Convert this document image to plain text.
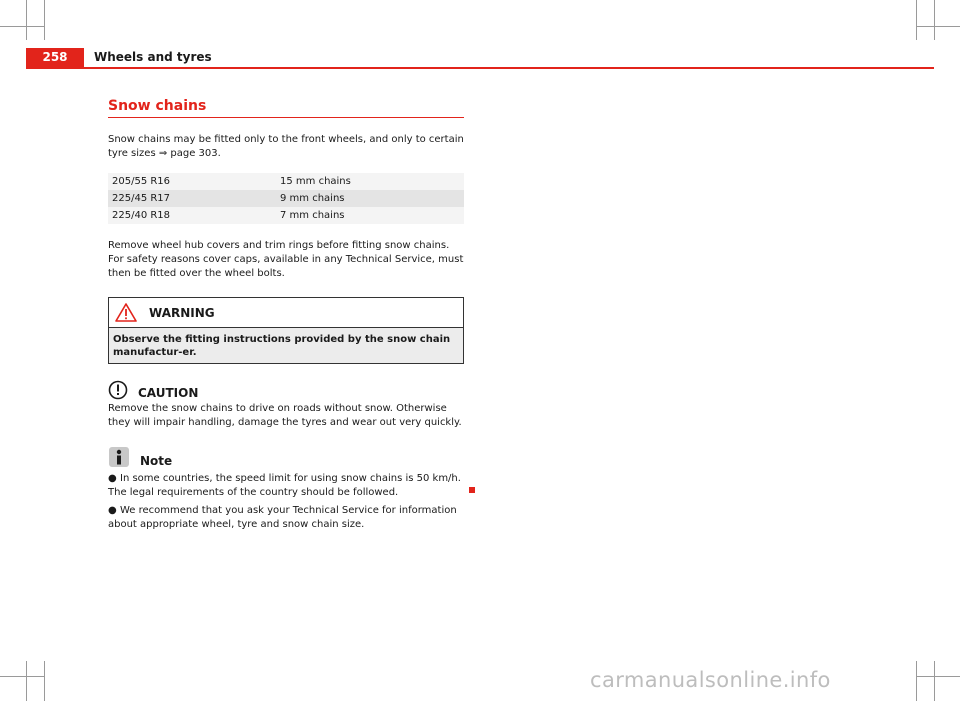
258	Wheels and tyres
Snow chains

Snow chains may be fitted only to the front wheels, and only to certain tyre sizes ⇒ page 303.

205/55 R16	15 mm chains
225/45 R17	9 mm chains
225/40 R18	7 mm chains

Remove wheel hub covers and trim rings before fitting snow chains. For safety reasons cover caps, available in any Technical Service, must then be fitted over the wheel bolts.

WARNING
Observe the fitting instructions provided by the snow chain manufactur-er.
CAUTION

Remove the snow chains to drive on roads without snow. Otherwise they will impair handling, damage the tyres and wear out very quickly.

Note

● In some countries, the speed limit for using snow chains is 50 km/h. The legal requirements of the country should be followed.

● We recommend that you ask your Technical Service for information about appropriate wheel, tyre and snow chain size.

carmanualsonline.info
